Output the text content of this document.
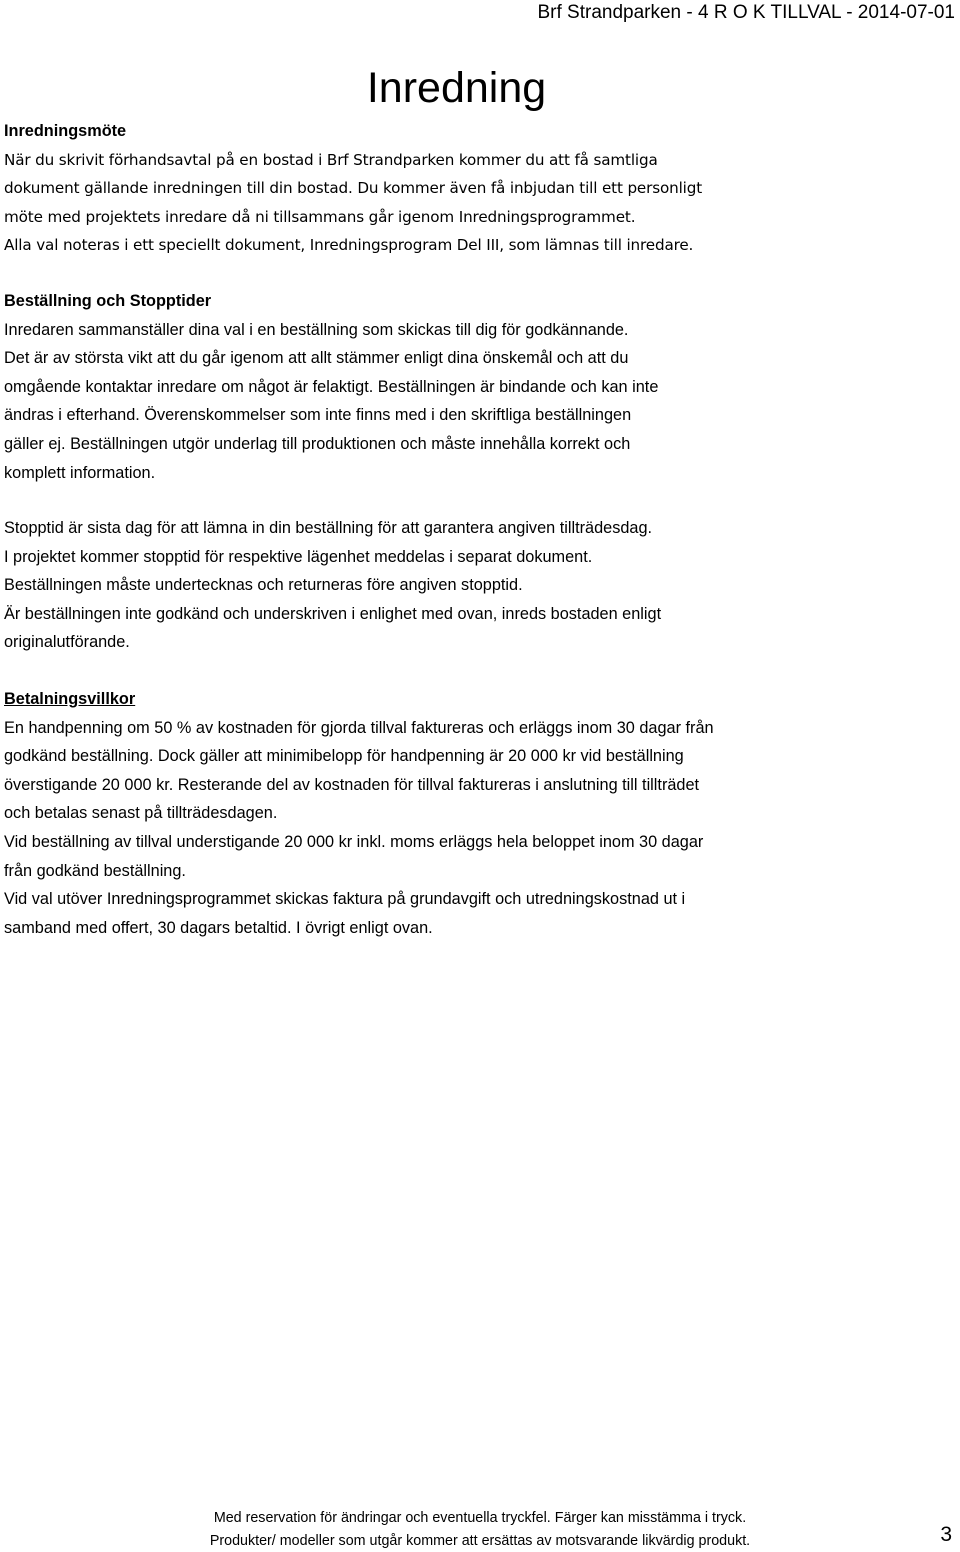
Brf Strandparken - 4 R O K TILLVAL - 2014-07-01
Inredning

Inredningsmöte

När du skrivit förhandsavtal på en bostad i Brf Strandparken kommer du att få samtliga

dokument gällande inredningen till din bostad. Du kommer även få inbjudan till ett personligt

möte med projektets inredare då ni tillsammans går igenom Inredningsprogrammet.

Alla val noteras i ett speciellt dokument, Inredningsprogram Del III, som lämnas till inredare.

Beställning och Stopptider

Inredaren sammanställer dina val i en beställning som skickas till dig för godkännande.

Det är av största vikt att du går igenom att allt stämmer enligt dina önskemål och att du

omgående kontaktar inredare om något är felaktigt. Beställningen är bindande och kan inte

ändras i efterhand. Överenskommelser som inte finns med i den skriftliga beställningen

gäller ej. Beställningen utgör underlag till produktionen och måste innehålla korrekt och

komplett information.

Stopptid är sista dag för att lämna in din beställning för att garantera angiven tillträdesdag.

I projektet kommer stopptid för respektive lägenhet meddelas i separat dokument.

Beställningen måste undertecknas och returneras före angiven stopptid.

Är beställningen inte godkänd och underskriven i enlighet med ovan, inreds bostaden enligt

originalutförande.

Betalningsvillkor

En handpenning om 50 % av kostnaden för gjorda tillval faktureras och erläggs inom 30 dagar från

godkänd beställning. Dock gäller att minimibelopp för handpenning är 20 000 kr vid beställning

överstigande 20 000 kr. Resterande del av kostnaden för tillval faktureras i anslutning till tillträdet

och betalas senast på tillträdesdagen.

Vid beställning av tillval understigande 20 000 kr inkl. moms erläggs hela beloppet inom 30 dagar

från godkänd beställning.

Vid val utöver Inredningsprogrammet skickas faktura på grundavgift och utredningskostnad ut i

samband med offert, 30 dagars betaltid. I övrigt enligt ovan.

Med reservation för ändringar och eventuella tryckfel. Färger kan misstämma i tryck.
Produkter/ modeller som utgår kommer att ersättas av motsvarande likvärdig produkt.	3
